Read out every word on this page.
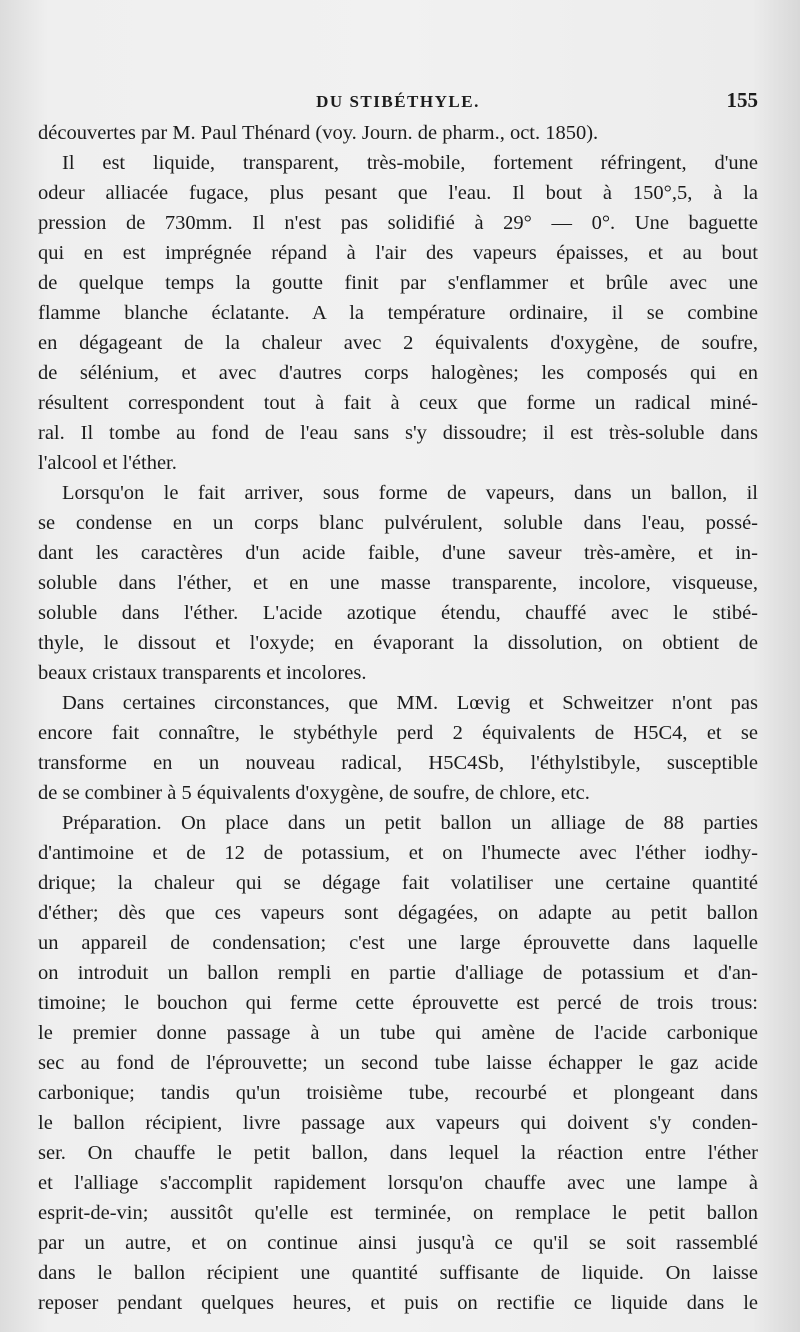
DU STIBÉTHYLE.	155
découvertes par M. Paul Thénard (voy. Journ. de pharm., oct. 1850).
Il est liquide, transparent, très-mobile, fortement réfringent, d'une
odeur alliacée fugace, plus pesant que l'eau. Il bout à 150°,5, à la
pression de 730mm. Il n'est pas solidifié à 29° — 0°. Une baguette
qui en est imprégnée répand à l'air des vapeurs épaisses, et au bout
de quelque temps la goutte finit par s'enflammer et brûle avec une
flamme blanche éclatante. A la température ordinaire, il se combine
en dégageant de la chaleur avec 2 équivalents d'oxygène, de soufre,
de sélénium, et avec d'autres corps halogènes; les composés qui en
résultent correspondent tout à fait à ceux que forme un radical miné-
ral. Il tombe au fond de l'eau sans s'y dissoudre; il est très-soluble dans
l'alcool et l'éther.
Lorsqu'on le fait arriver, sous forme de vapeurs, dans un ballon, il
se condense en un corps blanc pulvérulent, soluble dans l'eau, possé-
dant les caractères d'un acide faible, d'une saveur très-amère, et in-
soluble dans l'éther, et en une masse transparente, incolore, visqueuse,
soluble dans l'éther. L'acide azotique étendu, chauffé avec le stibé-
thyle, le dissout et l'oxyde; en évaporant la dissolution, on obtient de
beaux cristaux transparents et incolores.
Dans certaines circonstances, que MM. Lœvig et Schweitzer n'ont pas
encore fait connaître, le stybéthyle perd 2 équivalents de H5C4, et se
transforme en un nouveau radical, H5C4Sb, l'éthylstibyle, susceptible
de se combiner à 5 équivalents d'oxygène, de soufre, de chlore, etc.
Préparation. On place dans un petit ballon un alliage de 88 parties
d'antimoine et de 12 de potassium, et on l'humecte avec l'éther iodhy-
drique; la chaleur qui se dégage fait volatiliser une certaine quantité
d'éther; dès que ces vapeurs sont dégagées, on adapte au petit ballon
un appareil de condensation; c'est une large éprouvette dans laquelle
on introduit un ballon rempli en partie d'alliage de potassium et d'an-
timoine; le bouchon qui ferme cette éprouvette est percé de trois trous:
le premier donne passage à un tube qui amène de l'acide carbonique
sec au fond de l'éprouvette; un second tube laisse échapper le gaz acide
carbonique; tandis qu'un troisième tube, recourbé et plongeant dans
le ballon récipient, livre passage aux vapeurs qui doivent s'y conden-
ser. On chauffe le petit ballon, dans lequel la réaction entre l'éther
et l'alliage s'accomplit rapidement lorsqu'on chauffe avec une lampe à
esprit-de-vin; aussitôt qu'elle est terminée, on remplace le petit ballon
par un autre, et on continue ainsi jusqu'à ce qu'il se soit rassemblé
dans le ballon récipient une quantité suffisante de liquide. On laisse
reposer pendant quelques heures, et puis on rectifie ce liquide dans le
